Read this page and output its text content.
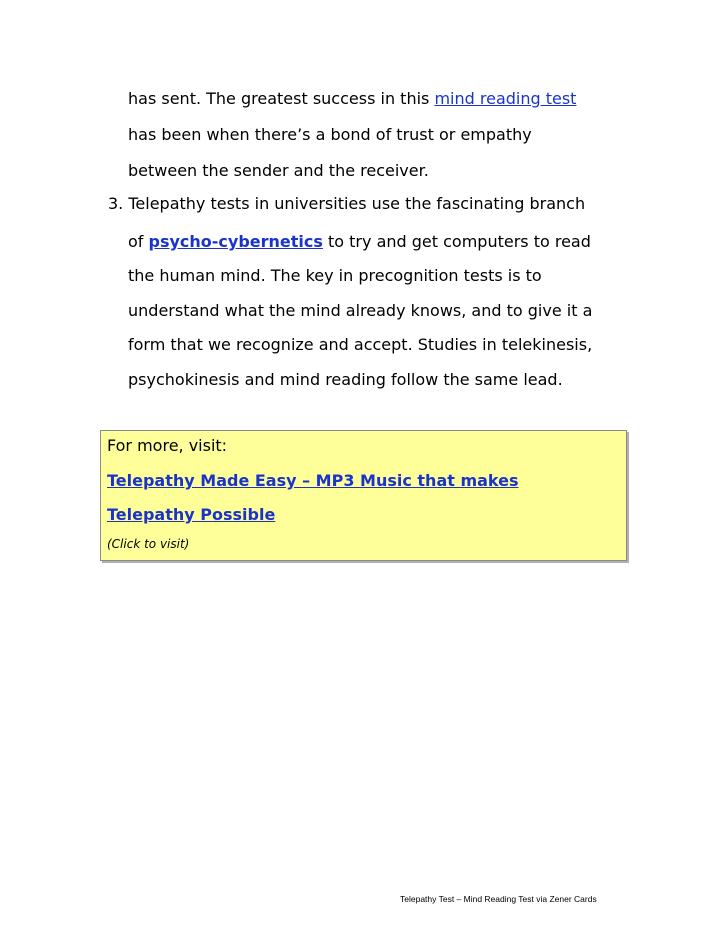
has sent. The greatest success in this mind reading test
has been when there’s a bond of trust or empathy
between the sender and the receiver.
3. Telepathy tests in universities use the fascinating branch
of psycho-cybernetics to try and get computers to read
the human mind. The key in precognition tests is to
understand what the mind already knows, and to give it a
form that we recognize and accept. Studies in telekinesis,
psychokinesis and mind reading follow the same lead.
For more, visit:
Telepathy Made Easy – MP3 Music that makes
Telepathy Possible
(Click to visit)
Telepathy Test – Mind Reading Test via Zener Cards
